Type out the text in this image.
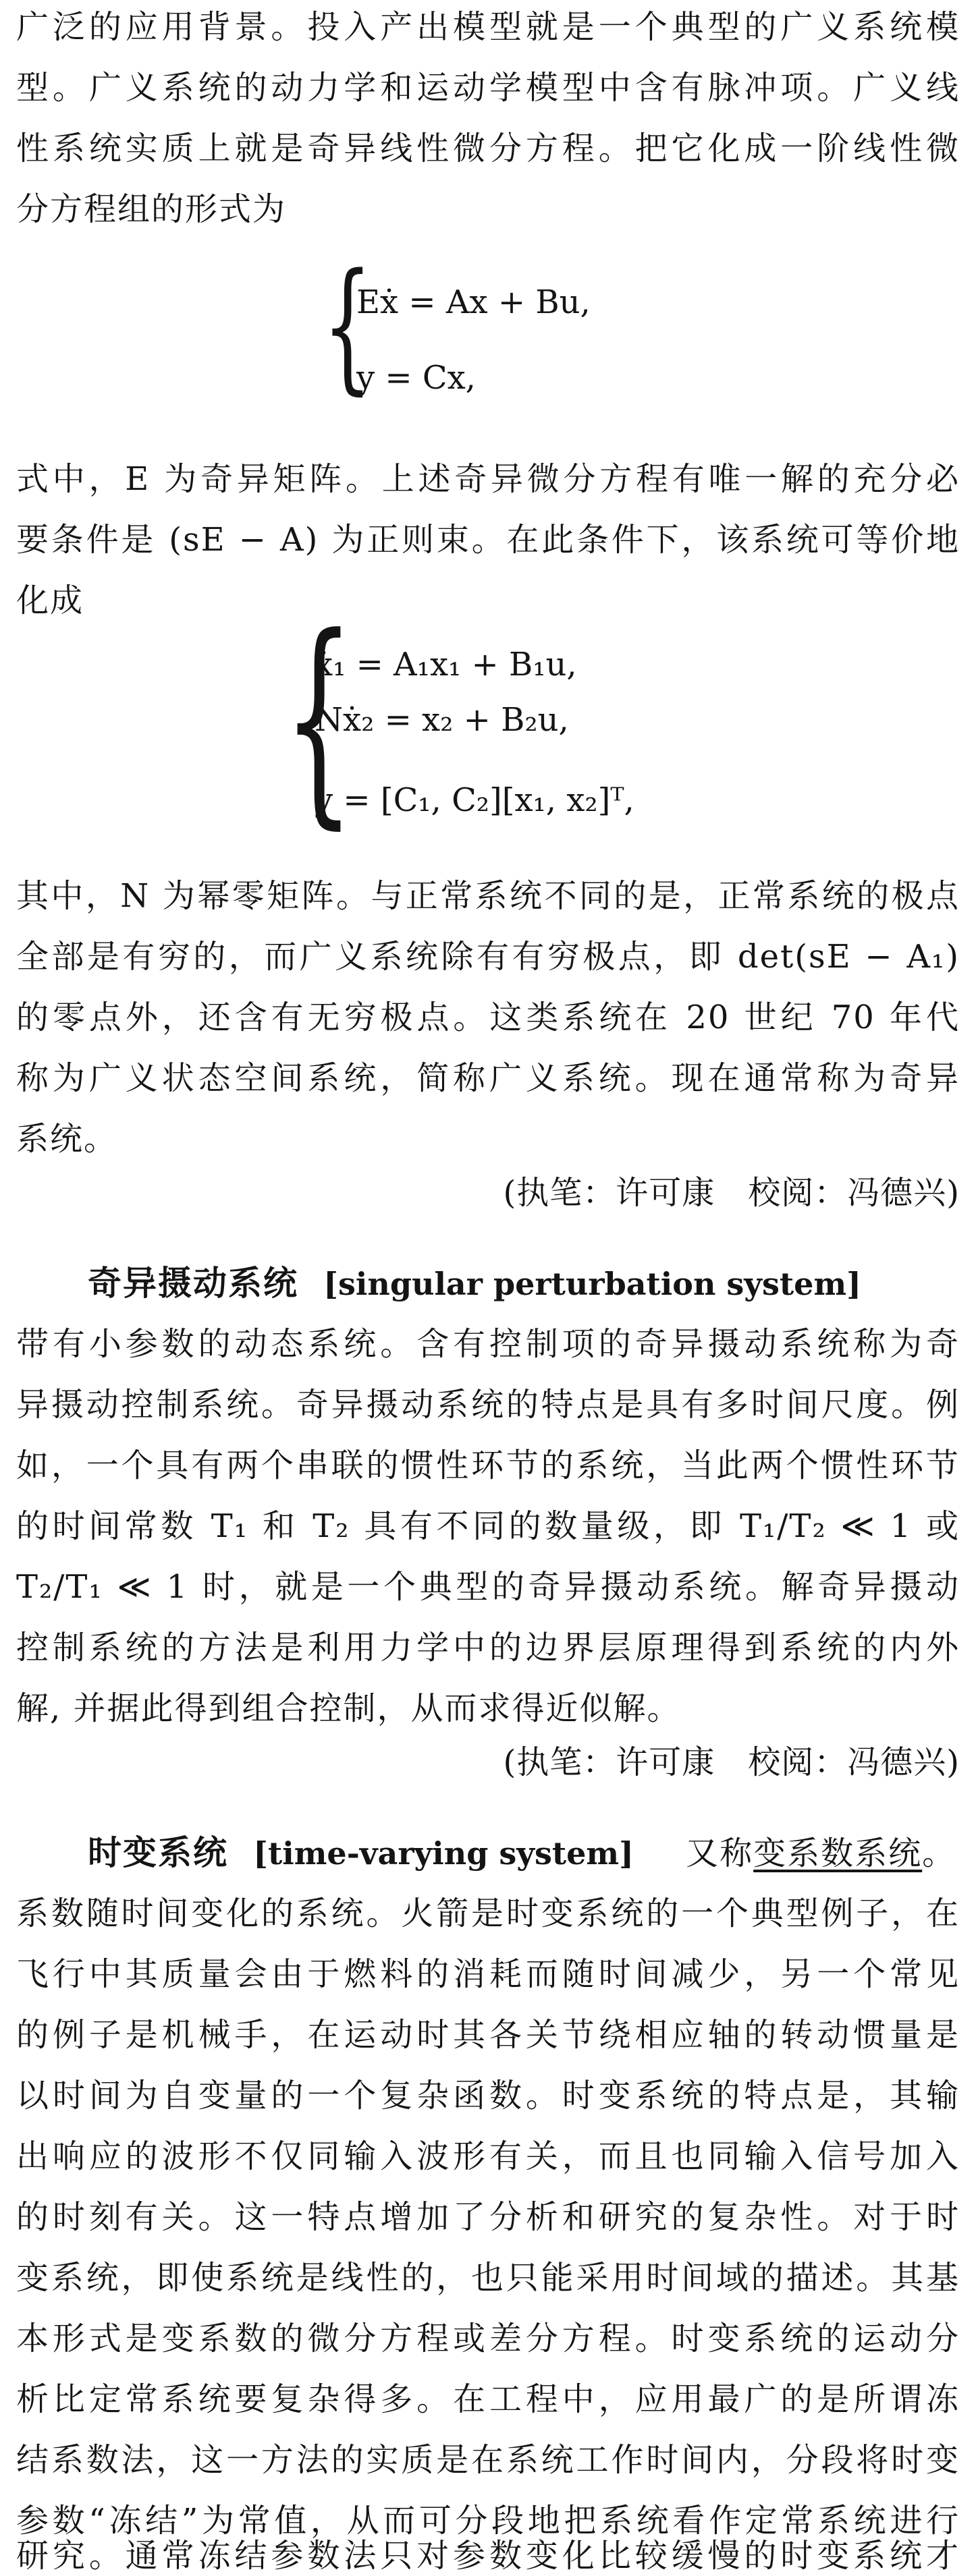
广泛的应用背景。投入产出模型就是一个典型的广义系统模
型。广义系统的动力学和运动学模型中含有脉冲项。广义线
性系统实质上就是奇异线性微分方程。把它化成一阶线性微
分方程组的形式为
{
Eẋ = Ax + Bu,
y = Cx,
式中，E 为奇异矩阵。上述奇异微分方程有唯一解的充分必
要条件是 (sE − A) 为正则束。在此条件下，该系统可等价地
化成 {
ẋ₁ = A₁x₁ + B₁u,
Nẋ₂ = x₂ + B₂u,
y = [C₁, C₂][x₁, x₂]ᵀ,
其中，N 为幂零矩阵。与正常系统不同的是，正常系统的极点
全部是有穷的，而广义系统除有有穷极点，即 det(sE − A₁)
的零点外，还含有无穷极点。这类系统在 20 世纪 70 年代
称为广义状态空间系统，简称广义系统。现在通常称为奇异
系统。
(执笔：许可康　校阅：冯德兴)
奇异摄动系统 [singular perturbation system]
带有小参数的动态系统。含有控制项的奇异摄动系统称为奇
异摄动控制系统。奇异摄动系统的特点是具有多时间尺度。例
如，一个具有两个串联的惯性环节的系统，当此两个惯性环节
的时间常数 T₁ 和 T₂ 具有不同的数量级，即 T₁/T₂ ≪ 1 或
T₂/T₁ ≪ 1 时，就是一个典型的奇异摄动系统。解奇异摄动
控制系统的方法是利用力学中的边界层原理得到系统的内外
解, 并据此得到组合控制，从而求得近似解。
(执笔：许可康　校阅：冯德兴)
时变系统 [time-varying system] 又称变系数系统。
系数随时间变化的系统。火箭是时变系统的一个典型例子，在
飞行中其质量会由于燃料的消耗而随时间减少，另一个常见
的例子是机械手，在运动时其各关节绕相应轴的转动惯量是
以时间为自变量的一个复杂函数。时变系统的特点是，其输
出响应的波形不仅同输入波形有关，而且也同输入信号加入
的时刻有关。这一特点增加了分析和研究的复杂性。对于时
变系统，即使系统是线性的，也只能采用时间域的描述。其基
本形式是变系数的微分方程或差分方程。时变系统的运动分
析比定常系统要复杂得多。在工程中，应用最广的是所谓冻
结系数法，这一方法的实质是在系统工作时间内，分段将时变
参数“冻结”为常值，从而可分段地把系统看作定常系统进行
研究。通常冻结参数法只对参数变化比较缓慢的时变系统才
